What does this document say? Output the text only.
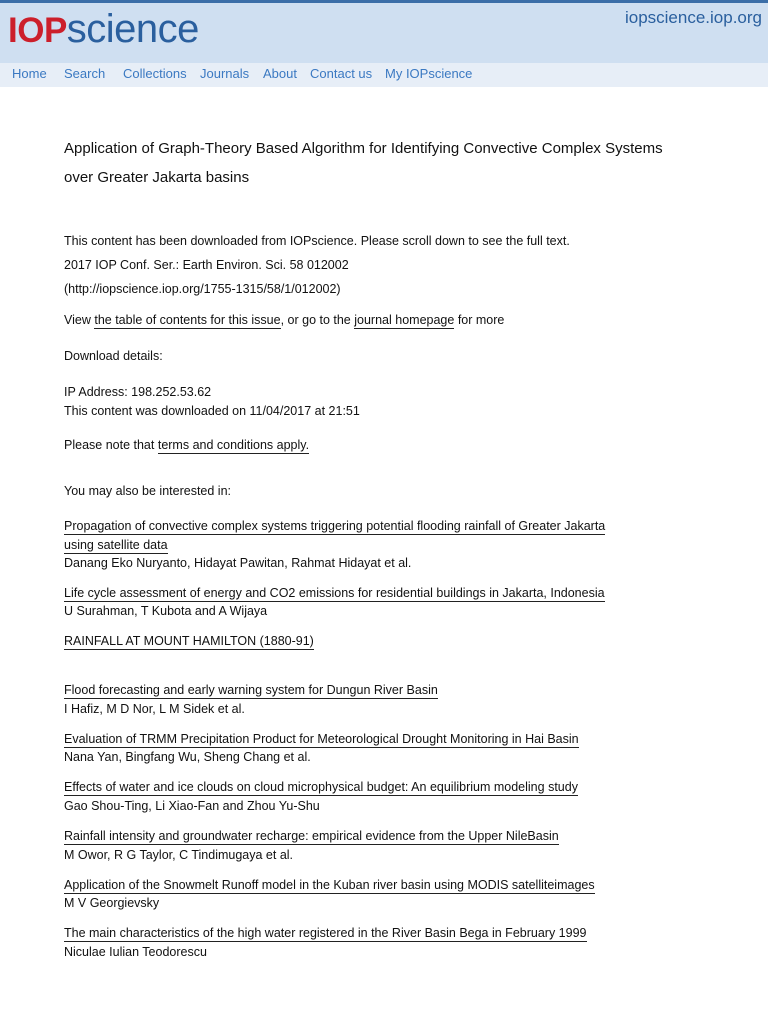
IOPscience	iopscience.iop.org
Home Search Collections Journals About Contact us My IOPscience
Application of Graph-Theory Based Algorithm for Identifying Convective Complex Systems
over Greater Jakarta basins
This content has been downloaded from IOPscience. Please scroll down to see the full text.
2017 IOP Conf. Ser.: Earth Environ. Sci. 58 012002
(http://iopscience.iop.org/1755-1315/58/1/012002)
View the table of contents for this issue, or go to the journal homepage for more
Download details:
IP Address: 198.252.53.62
This content was downloaded on 11/04/2017 at 21:51
Please note that terms and conditions apply.
You may also be interested in:
Propagation of convective complex systems triggering potential flooding rainfall of Greater Jakarta
using satellite data
Danang Eko Nuryanto, Hidayat Pawitan, Rahmat Hidayat et al.
Life cycle assessment of energy and CO2 emissions for residential buildings in Jakarta, Indonesia
U Surahman, T Kubota and A Wijaya
RAINFALL AT MOUNT HAMILTON (1880-91)
Flood forecasting and early warning system for Dungun River Basin
I Hafiz, M D Nor, L M Sidek et al.
Evaluation of TRMM Precipitation Product for Meteorological Drought Monitoring in Hai Basin
Nana Yan, Bingfang Wu, Sheng Chang et al.
Effects of water and ice clouds on cloud microphysical budget: An equilibrium modeling study
Gao Shou-Ting, Li Xiao-Fan and Zhou Yu-Shu
Rainfall intensity and groundwater recharge: empirical evidence from the Upper NileBasin
M Owor, R G Taylor, C Tindimugaya et al.
Application of the Snowmelt Runoff model in the Kuban river basin using MODIS satelliteimages
M V Georgievsky
The main characteristics of the high water registered in the River Basin Bega in February 1999
Niculae Iulian Teodorescu
